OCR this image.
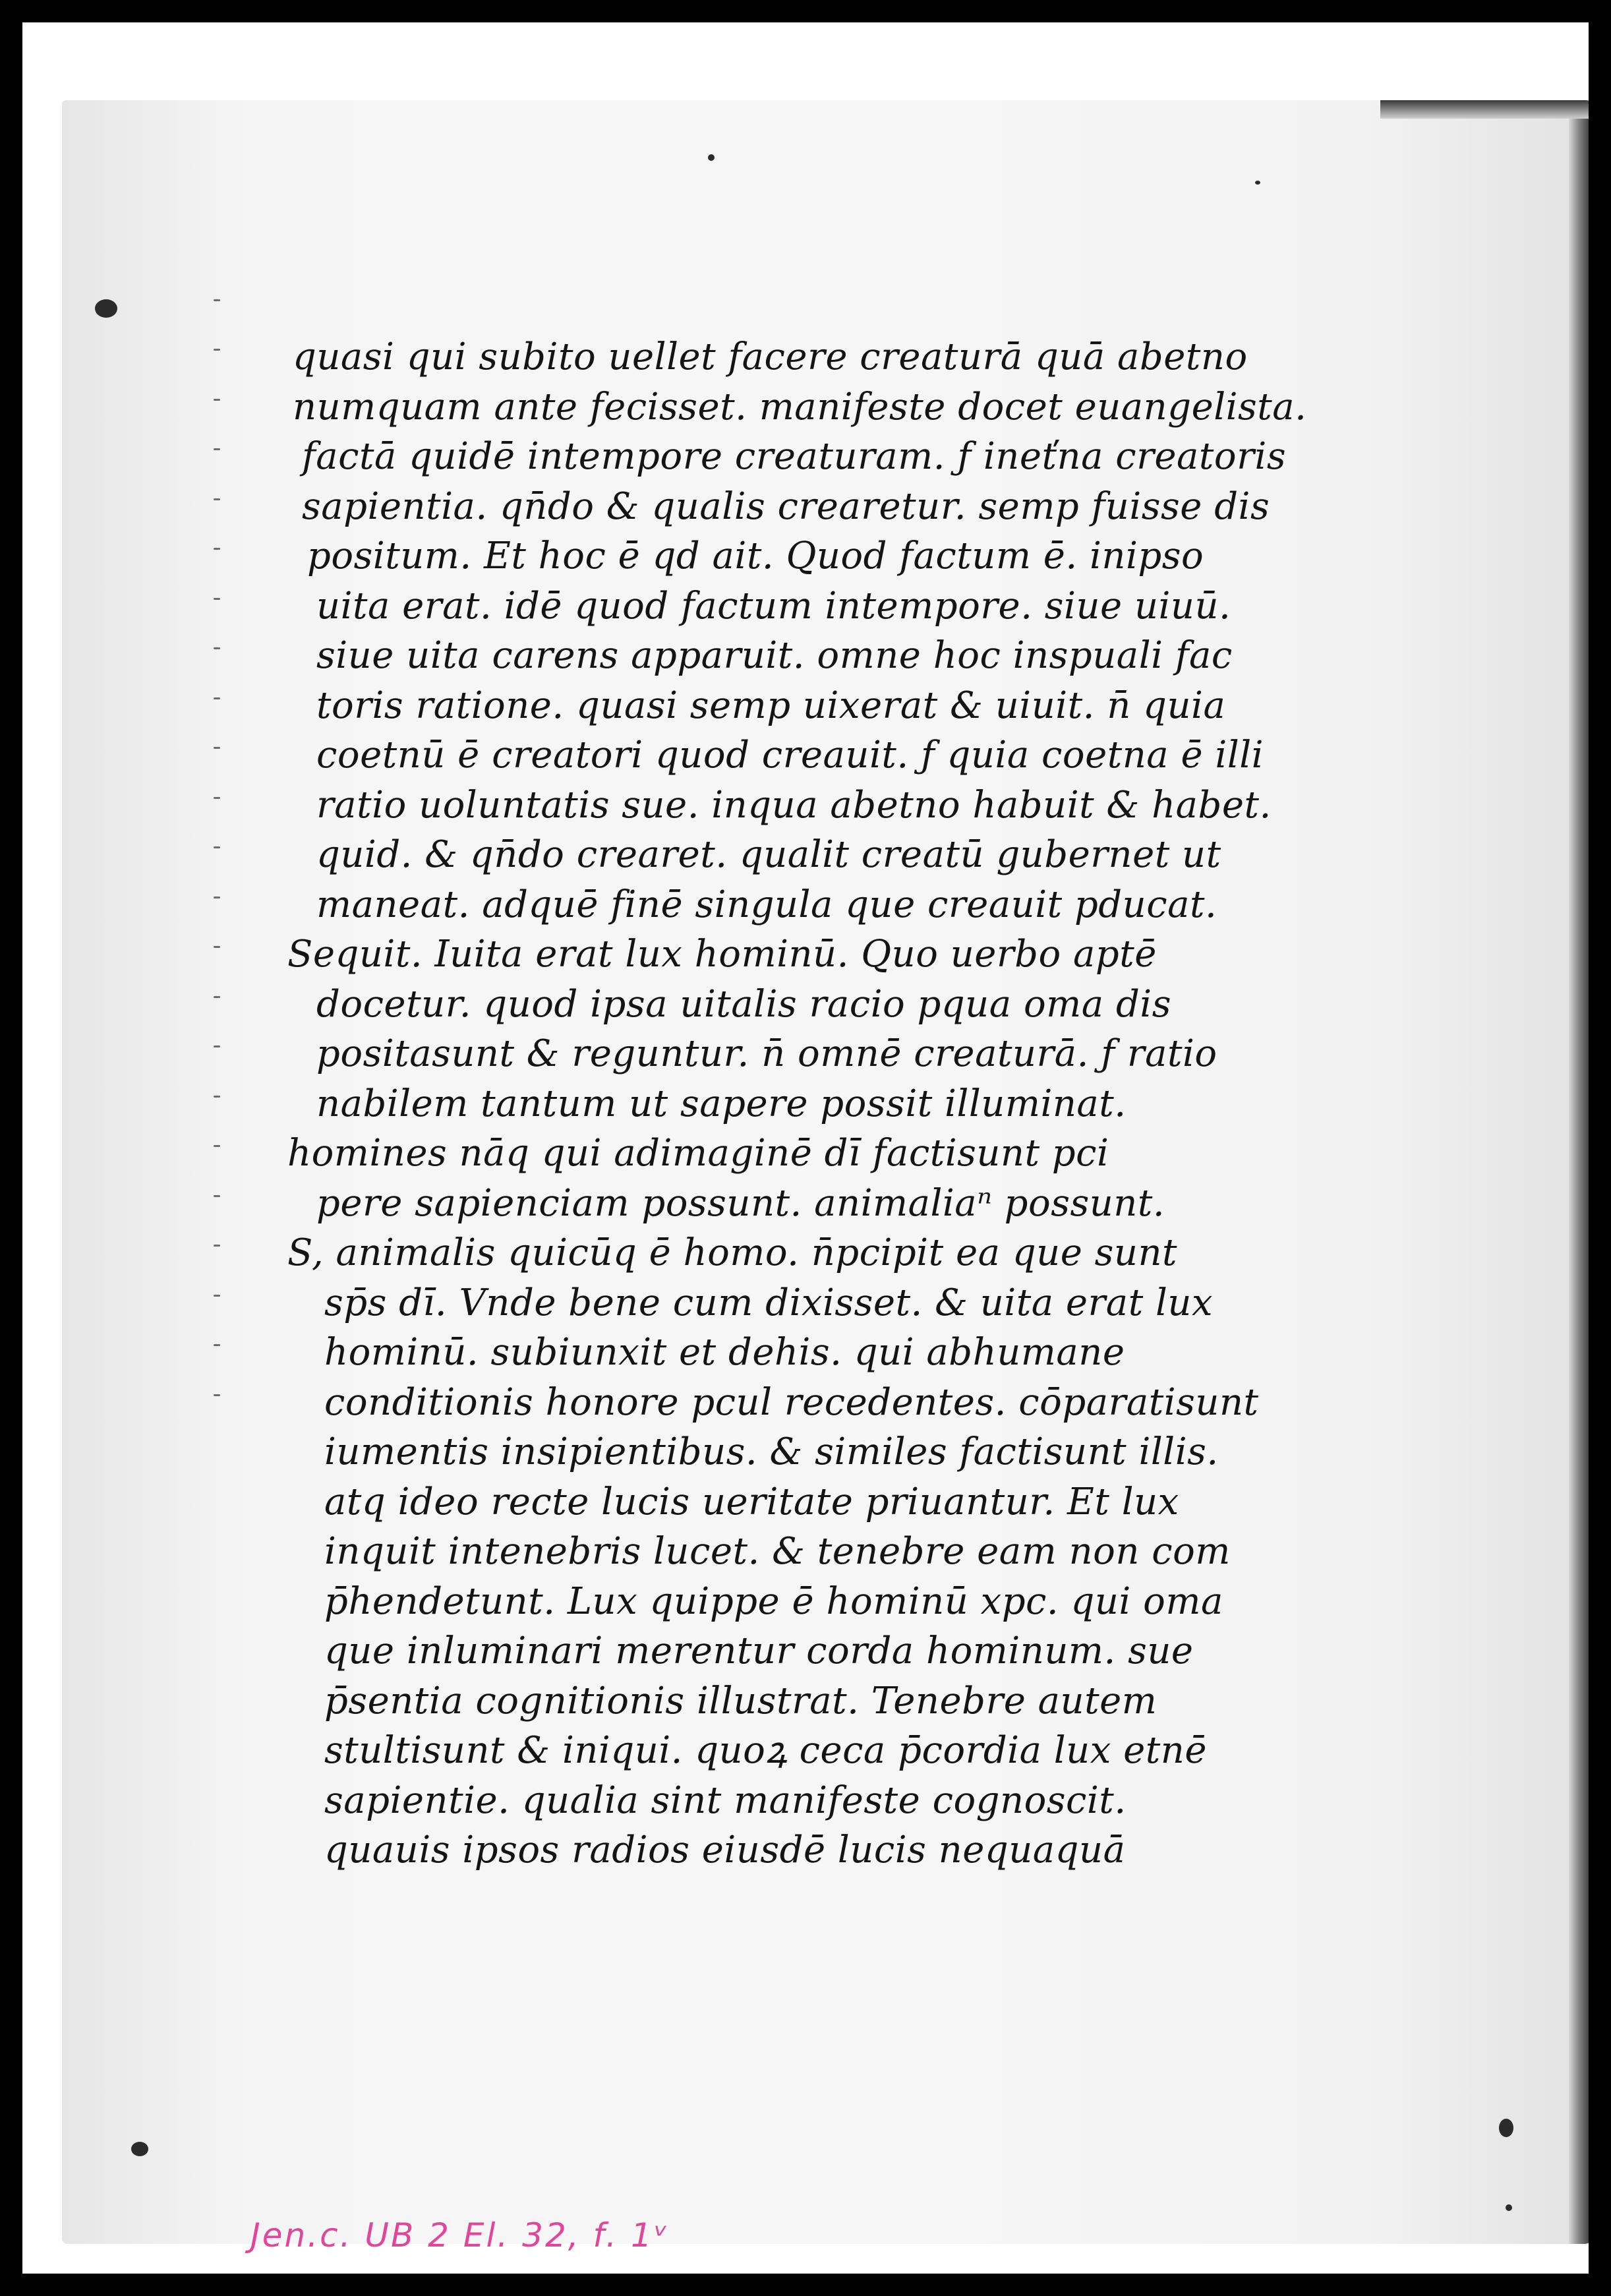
quasi qui subito uellet facere creaturā quā abetno
numquam ante fecisset. manifeste docet euangelista.
factā quidē intempore creaturam. ƒ ineťna creatoris
sapientia. qn̄do & qualis crearetur. semp fuisse dis
positum. Et hoc ē qd ait. Quod factum ē. inipso
uita erat. idē quod factum intempore. siue uiuū.
siue uita carens apparuit. omne hoc inspuali fac
toris ratione. quasi semp uixerat & uiuit. n̄ quia
coetnū ē creatori quod creauit. ƒ quia coetna ē illi
ratio uoluntatis sue. inqua abetno habuit & habet.
quid. & qn̄do crearet. qualit creatū gubernet ut
maneat. adquē finē singula que creauit pducat.
Sequit. Iuita erat lux hominū. Quo uerbo aptē
docetur. quod ipsa uitalis racio pqua oma dis
positasunt & reguntur. n̄ omnē creaturā. ƒ ratio
nabilem tantum ut sapere possit illuminat.
homines nāq qui adimaginē dī factisunt pci
pere sapienciam possunt. animaliaⁿ possunt.
S, animalis quicūq ē homo. n̄pcipit ea que sunt
sp̄s dī. Vnde bene cum dixisset. & uita erat lux
hominū. subiunxit et dehis. qui abhumane
conditionis honore pcul recedentes. cōparatisunt
iumentis insipientibus. & similes factisunt illis.
atq ideo recte lucis ueritate priuantur. Et lux
inquit intenebris lucet. & tenebre eam non com
p̄hendetunt. Lux quippe ē hominū xpc. qui oma
que inluminari merentur corda hominum. sue
p̄sentia cognitionis illustrat. Tenebre autem
stultisunt & iniqui. quoꝝ ceca p̄cordia lux etnē
sapientie. qualia sint manifeste cognoscit.
quauis ipsos radios eiusdē lucis nequaquā
Jen.c. UB 2 El. 32, f. 1ᵛ
